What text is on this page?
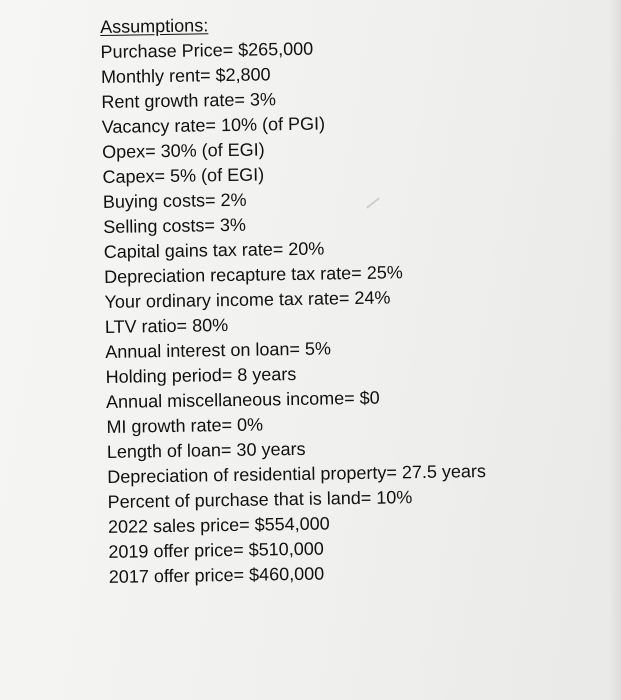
Assumptions:

Purchase Price= $265,000

Monthly rent= $2,800

Rent growth rate= 3%

Vacancy rate= 10% (of PGI)

Opex= 30% (of EGI)

Capex= 5% (of EGI)

Buying costs= 2%

Selling costs= 3%

Capital gains tax rate= 20%

Depreciation recapture tax rate= 25%

Your ordinary income tax rate= 24%

LTV ratio= 80%

Annual interest on loan= 5%

Holding period= 8 years

Annual miscellaneous income= $0

MI growth rate= 0%

Length of loan= 30 years

Depreciation of residential property= 27.5 years

Percent of purchase that is land= 10%

2022 sales price= $554,000

2019 offer price= $510,000

2017 offer price= $460,000
